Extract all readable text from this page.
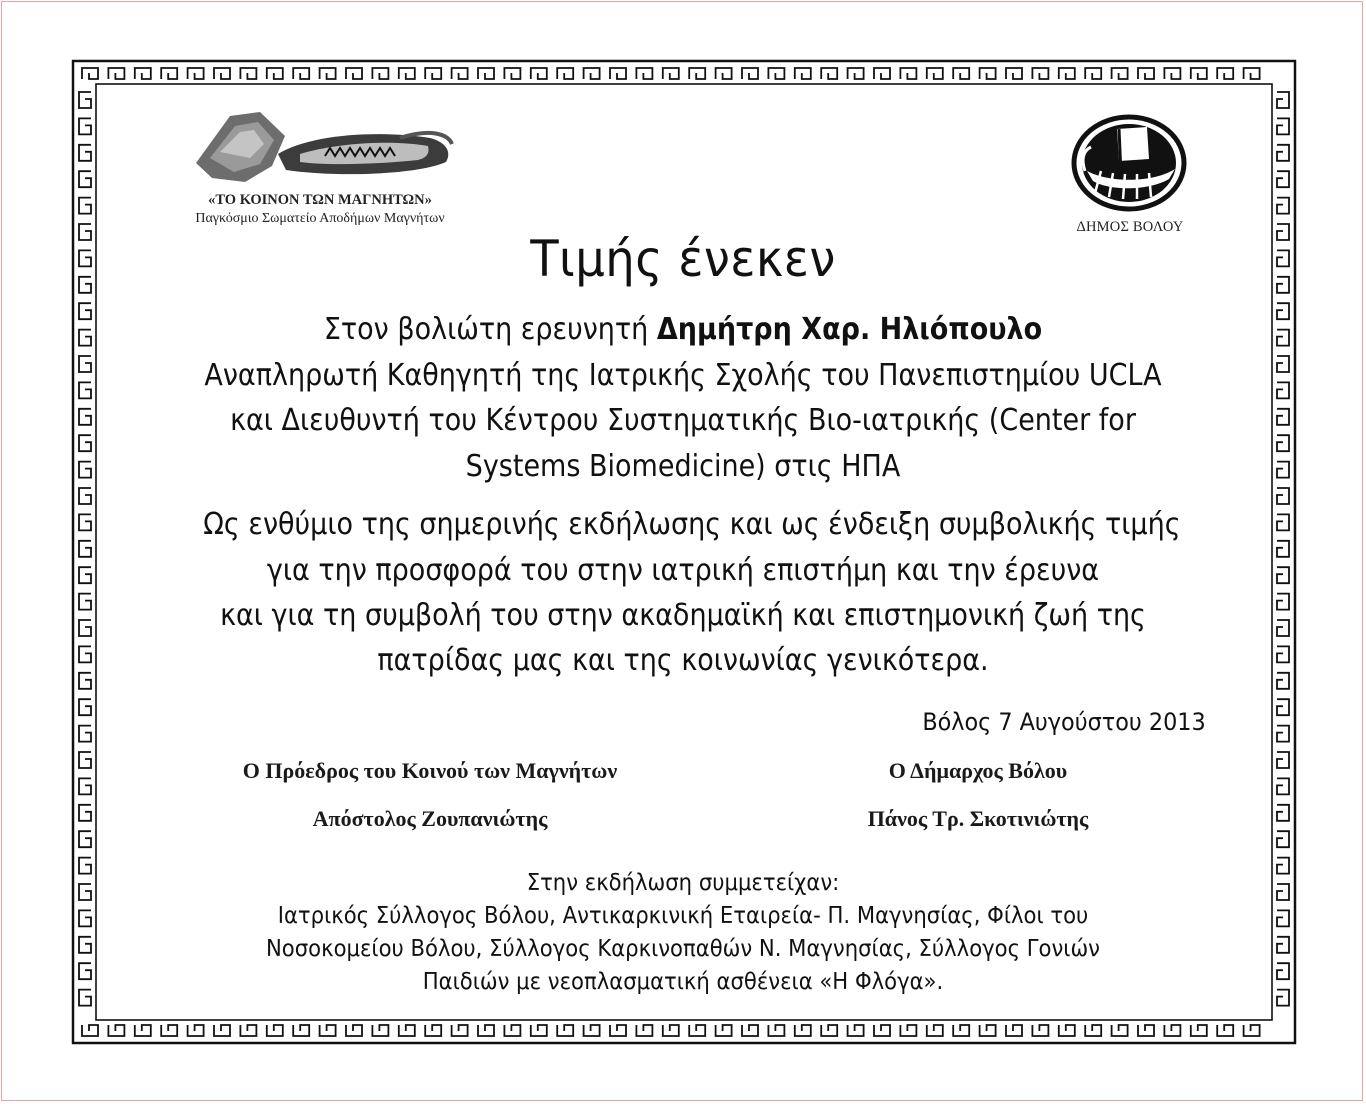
«ΤΟ ΚΟΙΝΟΝ ΤΩΝ ΜΑΓΝΗΤΩΝ»
Παγκόσμιο Σωματείο Αποδήμων Μαγνήτων
ΔΗΜΟΣ ΒΟΛΟΥ
Τιμής ένεκεν
Στον βολιώτη ερευνητή Δημήτρη Χαρ. Ηλιόπουλο
Αναπληρωτή Καθηγητή της Ιατρικής Σχολής του Πανεπιστημίου UCLA
και Διευθυντή του Κέντρου Συστηματικής Βιο-ιατρικής (Center for
Systems Biomedicine) στις ΗΠΑ
Ως ενθύμιο της σημερινής εκδήλωσης και ως ένδειξη συμβολικής τιμής
για την προσφορά του στην ιατρική επιστήμη και την έρευνα
και για τη συμβολή του στην ακαδημαϊκή και επιστημονική ζωή της
πατρίδας μας και της κοινωνίας γενικότερα.
Βόλος 7 Αυγούστου 2013
Ο Πρόεδρος του Κοινού των Μαγνήτων
Απόστολος Ζουπανιώτης
Ο Δήμαρχος Βόλου
Πάνος Τρ. Σκοτινιώτης
Στην εκδήλωση συμμετείχαν:
Ιατρικός Σύλλογος Βόλου, Αντικαρκινική Εταιρεία- Π. Μαγνησίας, Φίλοι του
Νοσοκομείου Βόλου, Σύλλογος Καρκινοπαθών Ν. Μαγνησίας, Σύλλογος Γονιών
Παιδιών με νεοπλασματική ασθένεια «Η Φλόγα».
